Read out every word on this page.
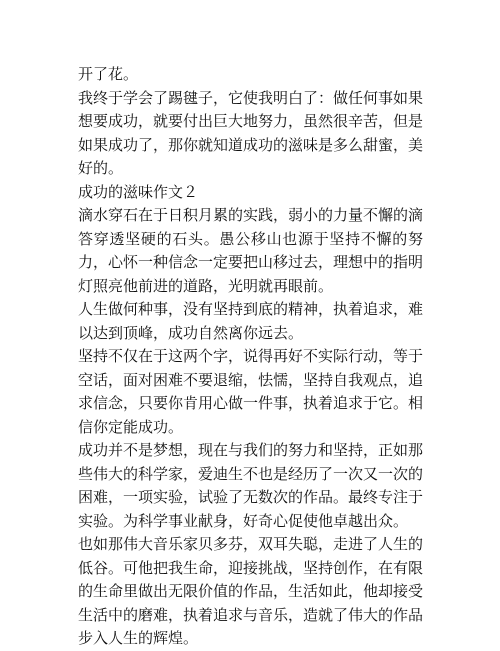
开了花。

我终于学会了踢毽子，它使我明白了：做任何事如果想要成功，就要付出巨大地努力，虽然很辛苦，但是如果成功了，那你就知道成功的滋味是多么甜蜜，美好的。

成功的滋味作文２

滴水穿石在于日积月累的实践，弱小的力量不懈的滴答穿透坚硬的石头。愚公移山也源于坚持不懈的努力，心怀一种信念一定要把山移过去，理想中的指明灯照亮他前进的道路，光明就再眼前。

人生做何种事，没有坚持到底的精神，执着追求，难以达到顶峰，成功自然离你远去。

坚持不仅在于这两个字，说得再好不实际行动，等于空话，面对困难不要退缩，怯懦，坚持自我观点，追求信念，只要你肯用心做一件事，执着追求于它。相信你定能成功。

成功并不是梦想，现在与我们的努力和坚持，正如那些伟大的科学家，爱迪生不也是经历了一次又一次的困难，一项实验，试验了无数次的作品。最终专注于实验。为科学事业献身，好奇心促使他卓越出众。

也如那伟大音乐家贝多芬，双耳失聪，走进了人生的低谷。可他把我生命，迎接挑战，坚持创作，在有限的生命里做出无限价值的作品，生活如此，他却接受生活中的磨难，执着追求与音乐，造就了伟大的作品步入人生的辉煌。
